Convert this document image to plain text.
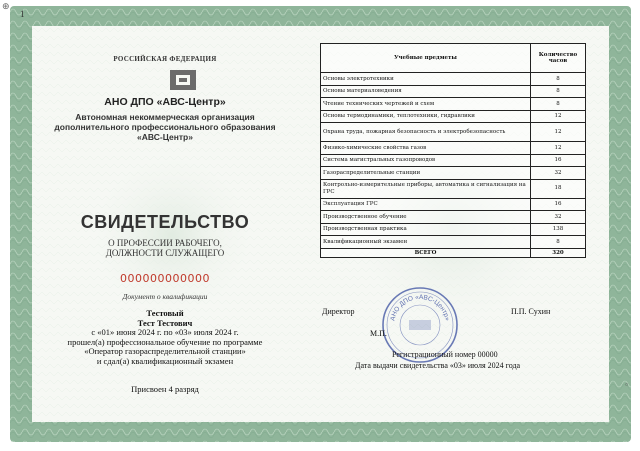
⊕
1
РОССИЙСКАЯ ФЕДЕРАЦИЯ
АНО ДПО «АВС-Центр»
Автономная некоммерческая организация
дополнительного профессионального образования
«АВС-Центр»
СВИДЕТЕЛЬСТВО
О ПРОФЕССИИ РАБОЧЕГО,
ДОЛЖНОСТИ СЛУЖАЩЕГО
000000000000
Документ о квалификации
Тестовый
Тест Тестович
с «01» июня 2024 г. по «03» июля 2024 г.
прошел(а) профессиональное обучение по программе
«Оператор газораспределительной станции»
и сдал(а) квалификационный экзамен
Присвоен 4 разряд
Учебные предметы	Количество часов
Основы электротехники	8
Основы материаловедения	8
Чтение технических чертежей и схем	8
Основы термодинамики, теплотехники, гидравлики	12
Охрана труда, пожарная безопасность и электробезопасность	12
Физико-химические свойства газов	12
Система магистральных газопроводов	16
Газораспределительные станции	32
Контрольно-измерительные приборы, автоматика и сигнализация на ГРС	18
Эксплуатация ГРС	16
Производственное обучение	32
Производственная практика	138
Квалификационный экзамен	8
ВСЕГО	320
АНО ДПО «АВС-Центр»
Директор	П.П. Сухин
М.П.
Регистрационный номер 00000
Дата выдачи свидетельства «03» июля 2024 года
▫
